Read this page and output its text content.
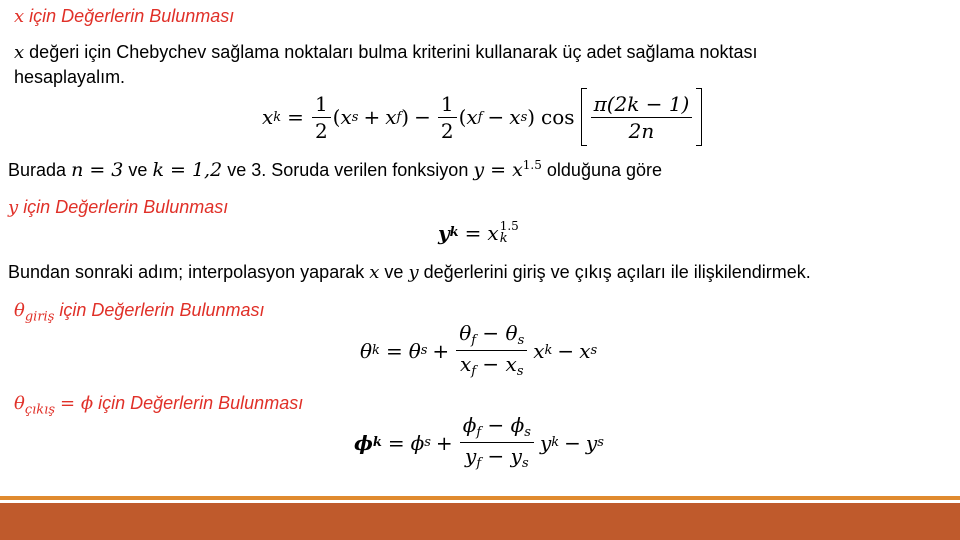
x için Değerlerin Bulunması
x değeri için Chebychev sağlama noktaları bulma kriterini kullanarak üç adet sağlama noktası
hesaplayalım.
x $k = \frac{1}{2}$ ( x s + x f ) − $\frac{1}{2}$ ( x f − x s ) $\cos \frac{\pi(2k - 1)}{2n}$
Burada n = 3 ve k = 1,2 ve 3. Soruda verilen fonksiyon $y = x^{1.5}$ olduğuna göre
y için Değerlerin Bulunması
y k = x 1.5
k
Bundan sonraki adım; interpolasyon yaparak x ve y değerlerini giriş ve çıkış açıları ile ilişkilendirmek.
$\theta_{giriş}$ için Değerlerin Bulunması
θ k = θ $s + \frac{\theta_f - \theta_s}{x_f - x_s}$ x k − x s
$\theta_{çıkış} = \phi$ için Değerlerin Bulunması
ϕ k = ϕ $s + \frac{\phi_f - \phi_s}{y_f - y_s}$ y k − y s
